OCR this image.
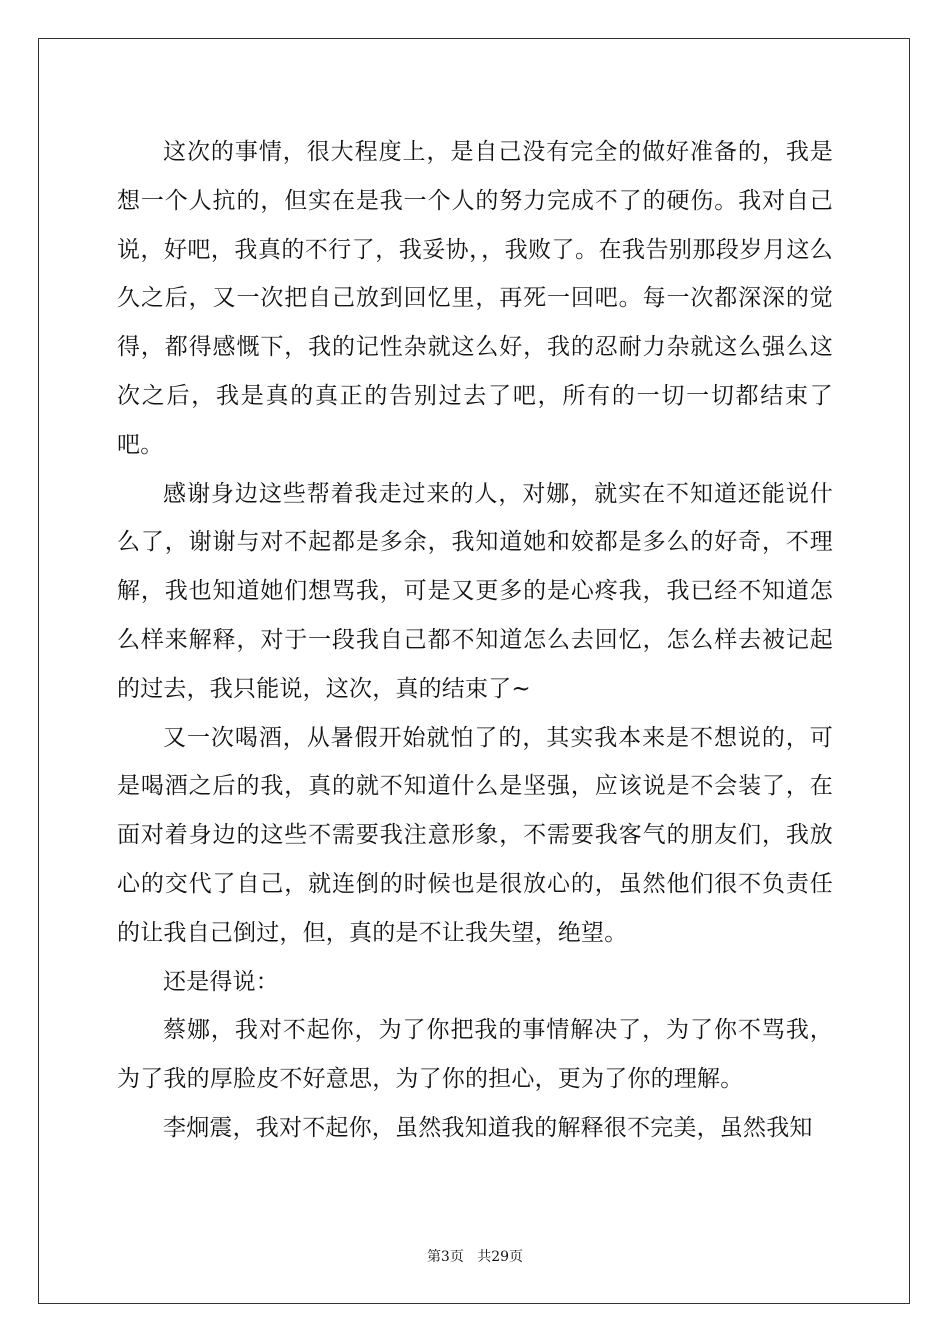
这次的事情，很大程度上，是自己没有完全的做好准备的，我是想一个人抗的，但实在是我一个人的努力完成不了的硬伤。我对自己说，好吧，我真的不行了，我妥协，，我败了。在我告别那段岁月这么久之后，又一次把自己放到回忆里，再死一回吧。每一次都深深的觉得，都得感慨下，我的记性杂就这么好，我的忍耐力杂就这么强么这次之后，我是真的真正的告别过去了吧，所有的一切一切都结束了吧。

感谢身边这些帮着我走过来的人，对娜，就实在不知道还能说什么了，谢谢与对不起都是多余，我知道她和姣都是多么的好奇，不理解，我也知道她们想骂我，可是又更多的是心疼我，我已经不知道怎么样来解释，对于一段我自己都不知道怎么去回忆，怎么样去被记起的过去，我只能说，这次，真的结束了~

又一次喝酒，从暑假开始就怕了的，其实我本来是不想说的，可是喝酒之后的我，真的就不知道什么是坚强，应该说是不会装了，在面对着身边的这些不需要我注意形象，不需要我客气的朋友们，我放心的交代了自己，就连倒的时候也是很放心的，虽然他们很不负责任的让我自己倒过，但，真的是不让我失望，绝望。

还是得说：

蔡娜，我对不起你，为了你把我的事情解决了，为了你不骂我，为了我的厚脸皮不好意思，为了你的担心，更为了你的理解。

李炯震，我对不起你，虽然我知道我的解释很不完美，虽然我知

第3页 共29页
